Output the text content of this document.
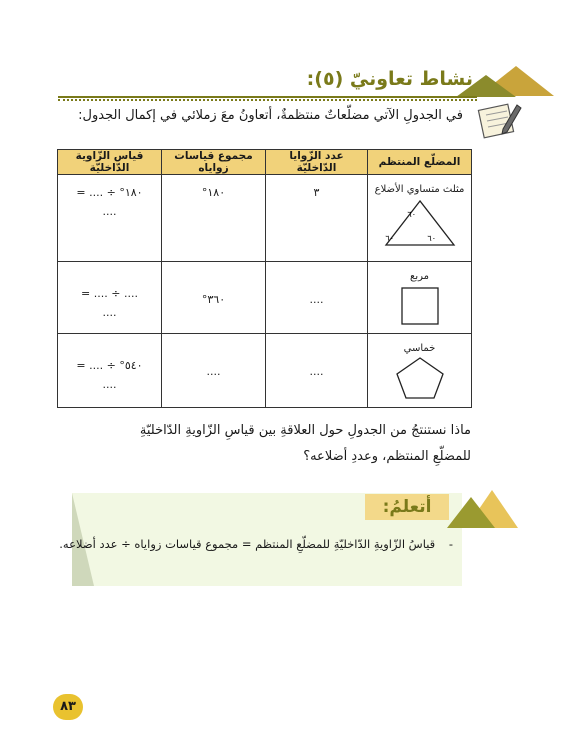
نشاط تعاونيّ (٥):
في الجدولِ الآتي مضلّعاتٌ منتظمةٌ، أتعاونُ معَ زملائي في إكمال الجدول:
المضلّع المنتظم	عدد الزّوايا الدّاخليّة	مجموع قياسات زواياه	قياس الزّاوية الدّاخليّة

مثلث متساوي الأضلاع
٦٠
٦٠ ٦٠	٣	١٨٠°	١٨٠° ÷ .... =
....

مربع	....	٣٦٠°	.... ÷ .... =
....

خماسي	....	....	٥٤٠° ÷ .... =
....
ماذا نستنتجُ من الجدولِ حول العلاقةِ بين قياسِ الزّاويةِ الدّاخليّةِ للمضلّعِ المنتظم، وعددِ أضلاعه؟
أتعلمُ:
- قياسُ الزّاويةِ الدّاخليّةِ للمضلّعِ المنتظم = مجموع قياسات زواياه ÷ عدد أضلاعه.
٨٣
